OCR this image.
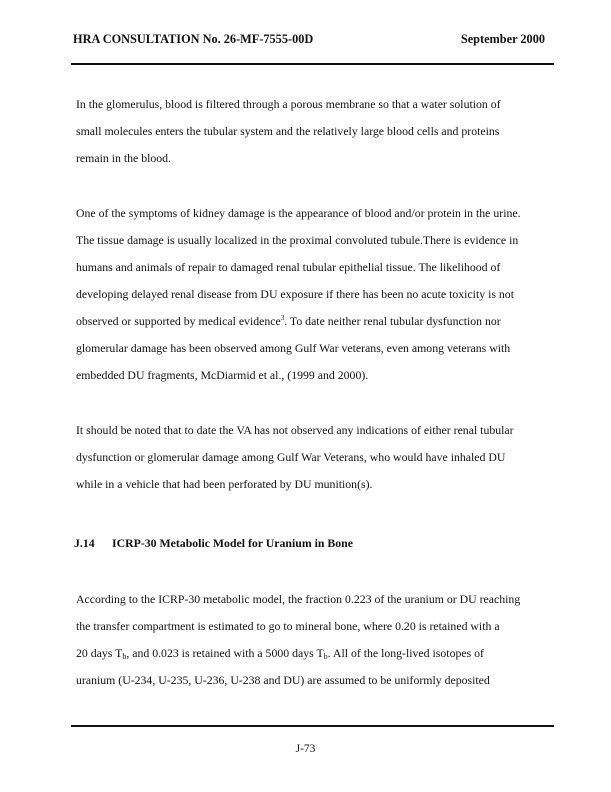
HRA CONSULTATION No. 26-MF-7555-00D	September 2000
In the glomerulus, blood is filtered through a porous membrane so that a water solution of
small molecules enters the tubular system and the relatively large blood cells and proteins
remain in the blood.
One of the symptoms of kidney damage is the appearance of blood and/or protein in the urine.
The tissue damage is usually localized in the proximal convoluted tubule.There is evidence in
humans and animals of repair to damaged renal tubular epithelial tissue. The likelihood of
developing delayed renal disease from DU exposure if there has been no acute toxicity is not
observed or supported by medical evidence$^3$. To date neither renal tubular dysfunction nor
glomerular damage has been observed among Gulf War veterans, even among veterans with
embedded DU fragments, McDiarmid et al., (1999 and 2000).
It should be noted that to date the VA has not observed any indications of either renal tubular
dysfunction or glomerular damage among Gulf War Veterans, who would have inhaled DU
while in a vehicle that had been perforated by DU munition(s).
J.14 ICRP-30 Metabolic Model for Uranium in Bone
According to the ICRP-30 metabolic model, the fraction 0.223 of the uranium or DU reaching
the transfer compartment is estimated to go to mineral bone, where 0.20 is retained with a
20 days $T_b$, and 0.023 is retained with a 5000 days $T_b$. All of the long-lived isotopes of
uranium (U-234, U-235, U-236, U-238 and DU) are assumed to be uniformly deposited
J-73
